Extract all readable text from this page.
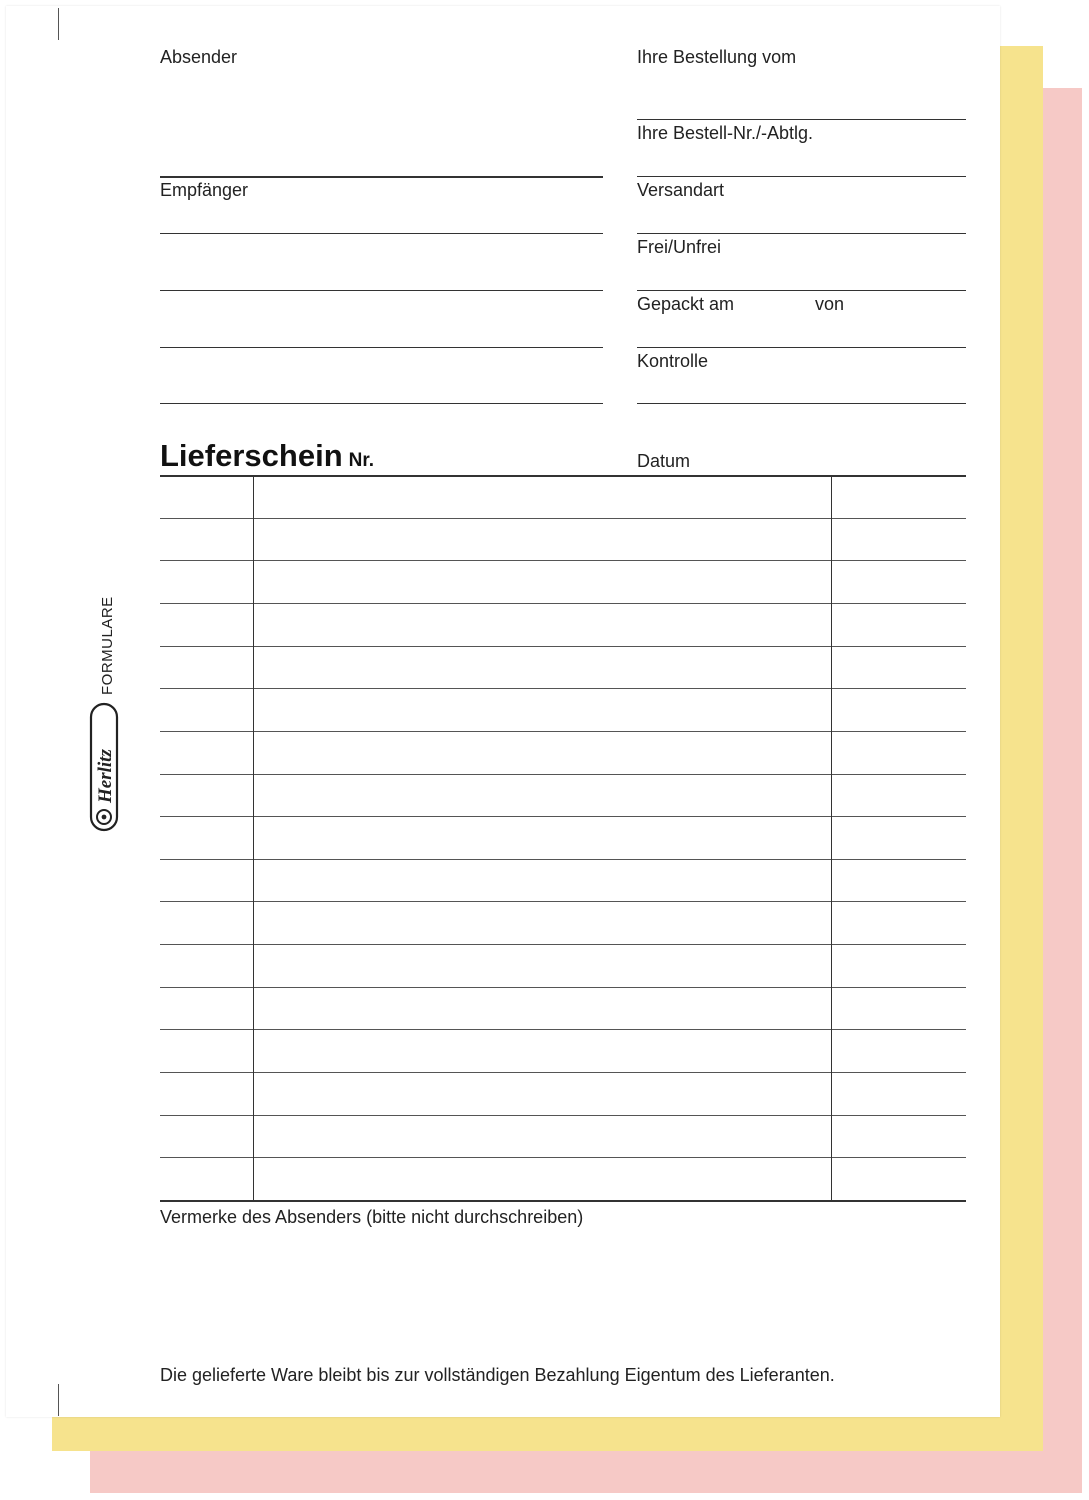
Absender
Empfänger
Ihre Bestellung vom
Ihre Bestell-Nr./-Abtlg.
Versandart
Frei/Unfrei
Gepackt am	von
Kontrolle
Lieferschein Nr.	Datum
Vermerke des Absenders (bitte nicht durchschreiben)
Die gelieferte Ware bleibt bis zur vollständigen Bezahlung Eigentum des Lieferanten.
Herlitz
FORMULARE
